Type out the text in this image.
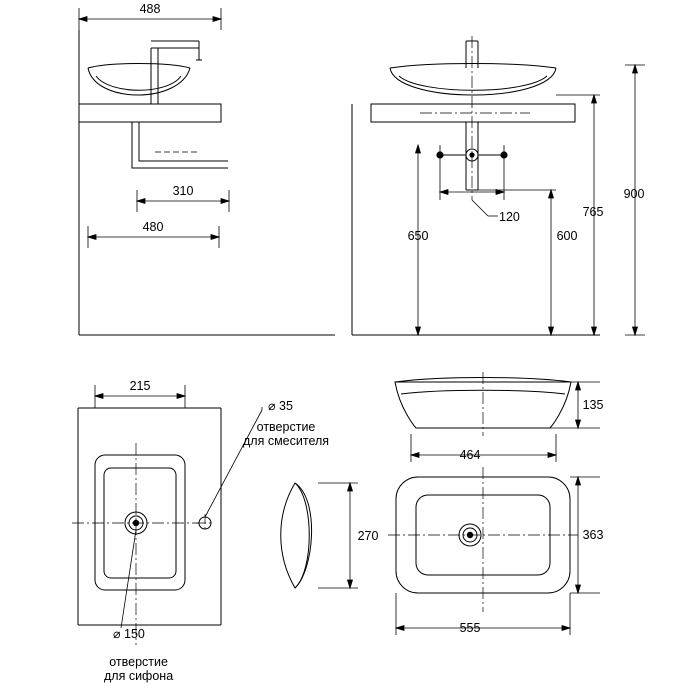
488
310
480
900
765
650	600
120
215
⌀ 35
отверстие
для смесителя
⌀ 150
отверстие
для сифона
270
135
464
363
555
